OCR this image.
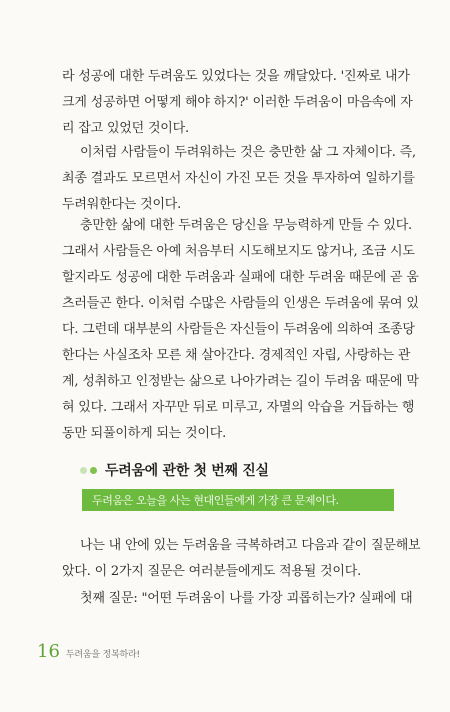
라 성공에 대한 두려움도 있었다는 것을 깨달았다. '진짜로 내가
크게 성공하면 어떻게 해야 하지?' 이러한 두려움이 마음속에 자
리 잡고 있었던 것이다.
이처럼 사람들이 두려워하는 것은 충만한 삶 그 자체이다. 즉,
최종 결과도 모르면서 자신이 가진 모든 것을 투자하여 일하기를
두려워한다는 것이다.
충만한 삶에 대한 두려움은 당신을 무능력하게 만들 수 있다.
그래서 사람들은 아예 처음부터 시도해보지도 않거나, 조금 시도
할지라도 성공에 대한 두려움과 실패에 대한 두려움 때문에 곧 움
츠러들곤 한다. 이처럼 수많은 사람들의 인생은 두려움에 묶여 있
다. 그런데 대부분의 사람들은 자신들이 두려움에 의하여 조종당
한다는 사실조차 모른 채 살아간다. 경제적인 자립, 사랑하는 관
계, 성취하고 인정받는 삶으로 나아가려는 길이 두려움 때문에 막
혀 있다. 그래서 자꾸만 뒤로 미루고, 자멸의 악습을 거듭하는 행
동만 되풀이하게 되는 것이다.
두려움에 관한 첫 번째 진실
두려움은 오늘을 사는 현대인들에게 가장 큰 문제이다.
나는 내 안에 있는 두려움을 극복하려고 다음과 같이 질문해보
았다. 이 2가지 질문은 여러분들에게도 적용될 것이다.
첫째 질문: "어떤 두려움이 나를 가장 괴롭히는가? 실패에 대
16 두려움을 정복하라!
